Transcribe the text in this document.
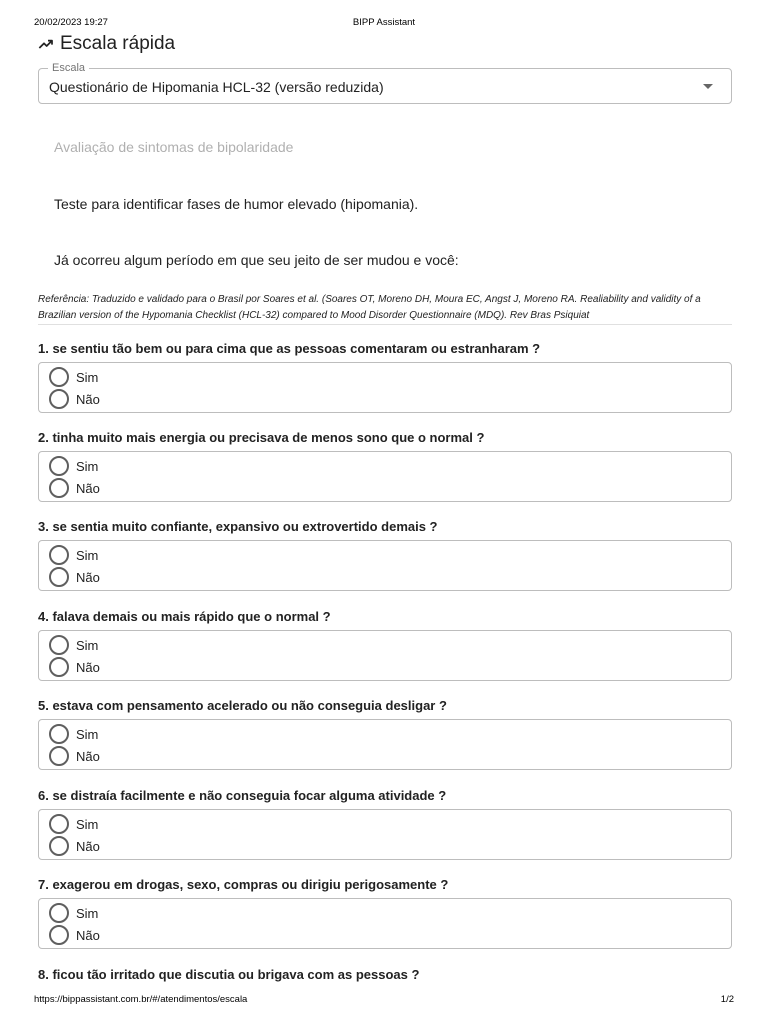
20/02/2023 19:27	BIPP Assistant
Escala rápida
Escala
Questionário de Hipomania HCL-32 (versão reduzida)
Avaliação de sintomas de bipolaridade
Teste para identificar fases de humor elevado (hipomania).
Já ocorreu algum período em que seu jeito de ser mudou e você:
Referência: Traduzido e validado para o Brasil por Soares et al. (Soares OT, Moreno DH, Moura EC, Angst J, Moreno RA. Realiability and validity of a Brazilian version of the Hypomania Checklist (HCL-32) compared to Mood Disorder Questionnaire (MDQ). Rev Bras Psiquiat
1. se sentiu tão bem ou para cima que as pessoas comentaram ou estranharam ?
Sim
Não
2. tinha muito mais energia ou precisava de menos sono que o normal ?
Sim
Não
3. se sentia muito confiante, expansivo ou extrovertido demais ?
Sim
Não
4. falava demais ou mais rápido que o normal ?
Sim
Não
5. estava com pensamento acelerado ou não conseguia desligar ?
Sim
Não
6. se distraía facilmente e não conseguia focar alguma atividade ?
Sim
Não
7. exagerou em drogas, sexo, compras ou dirigiu perigosamente ?
Sim
Não
8. ficou tão irritado que discutia ou brigava com as pessoas ?
https://bippassistant.com.br/#/atendimentos/escala	1/2
